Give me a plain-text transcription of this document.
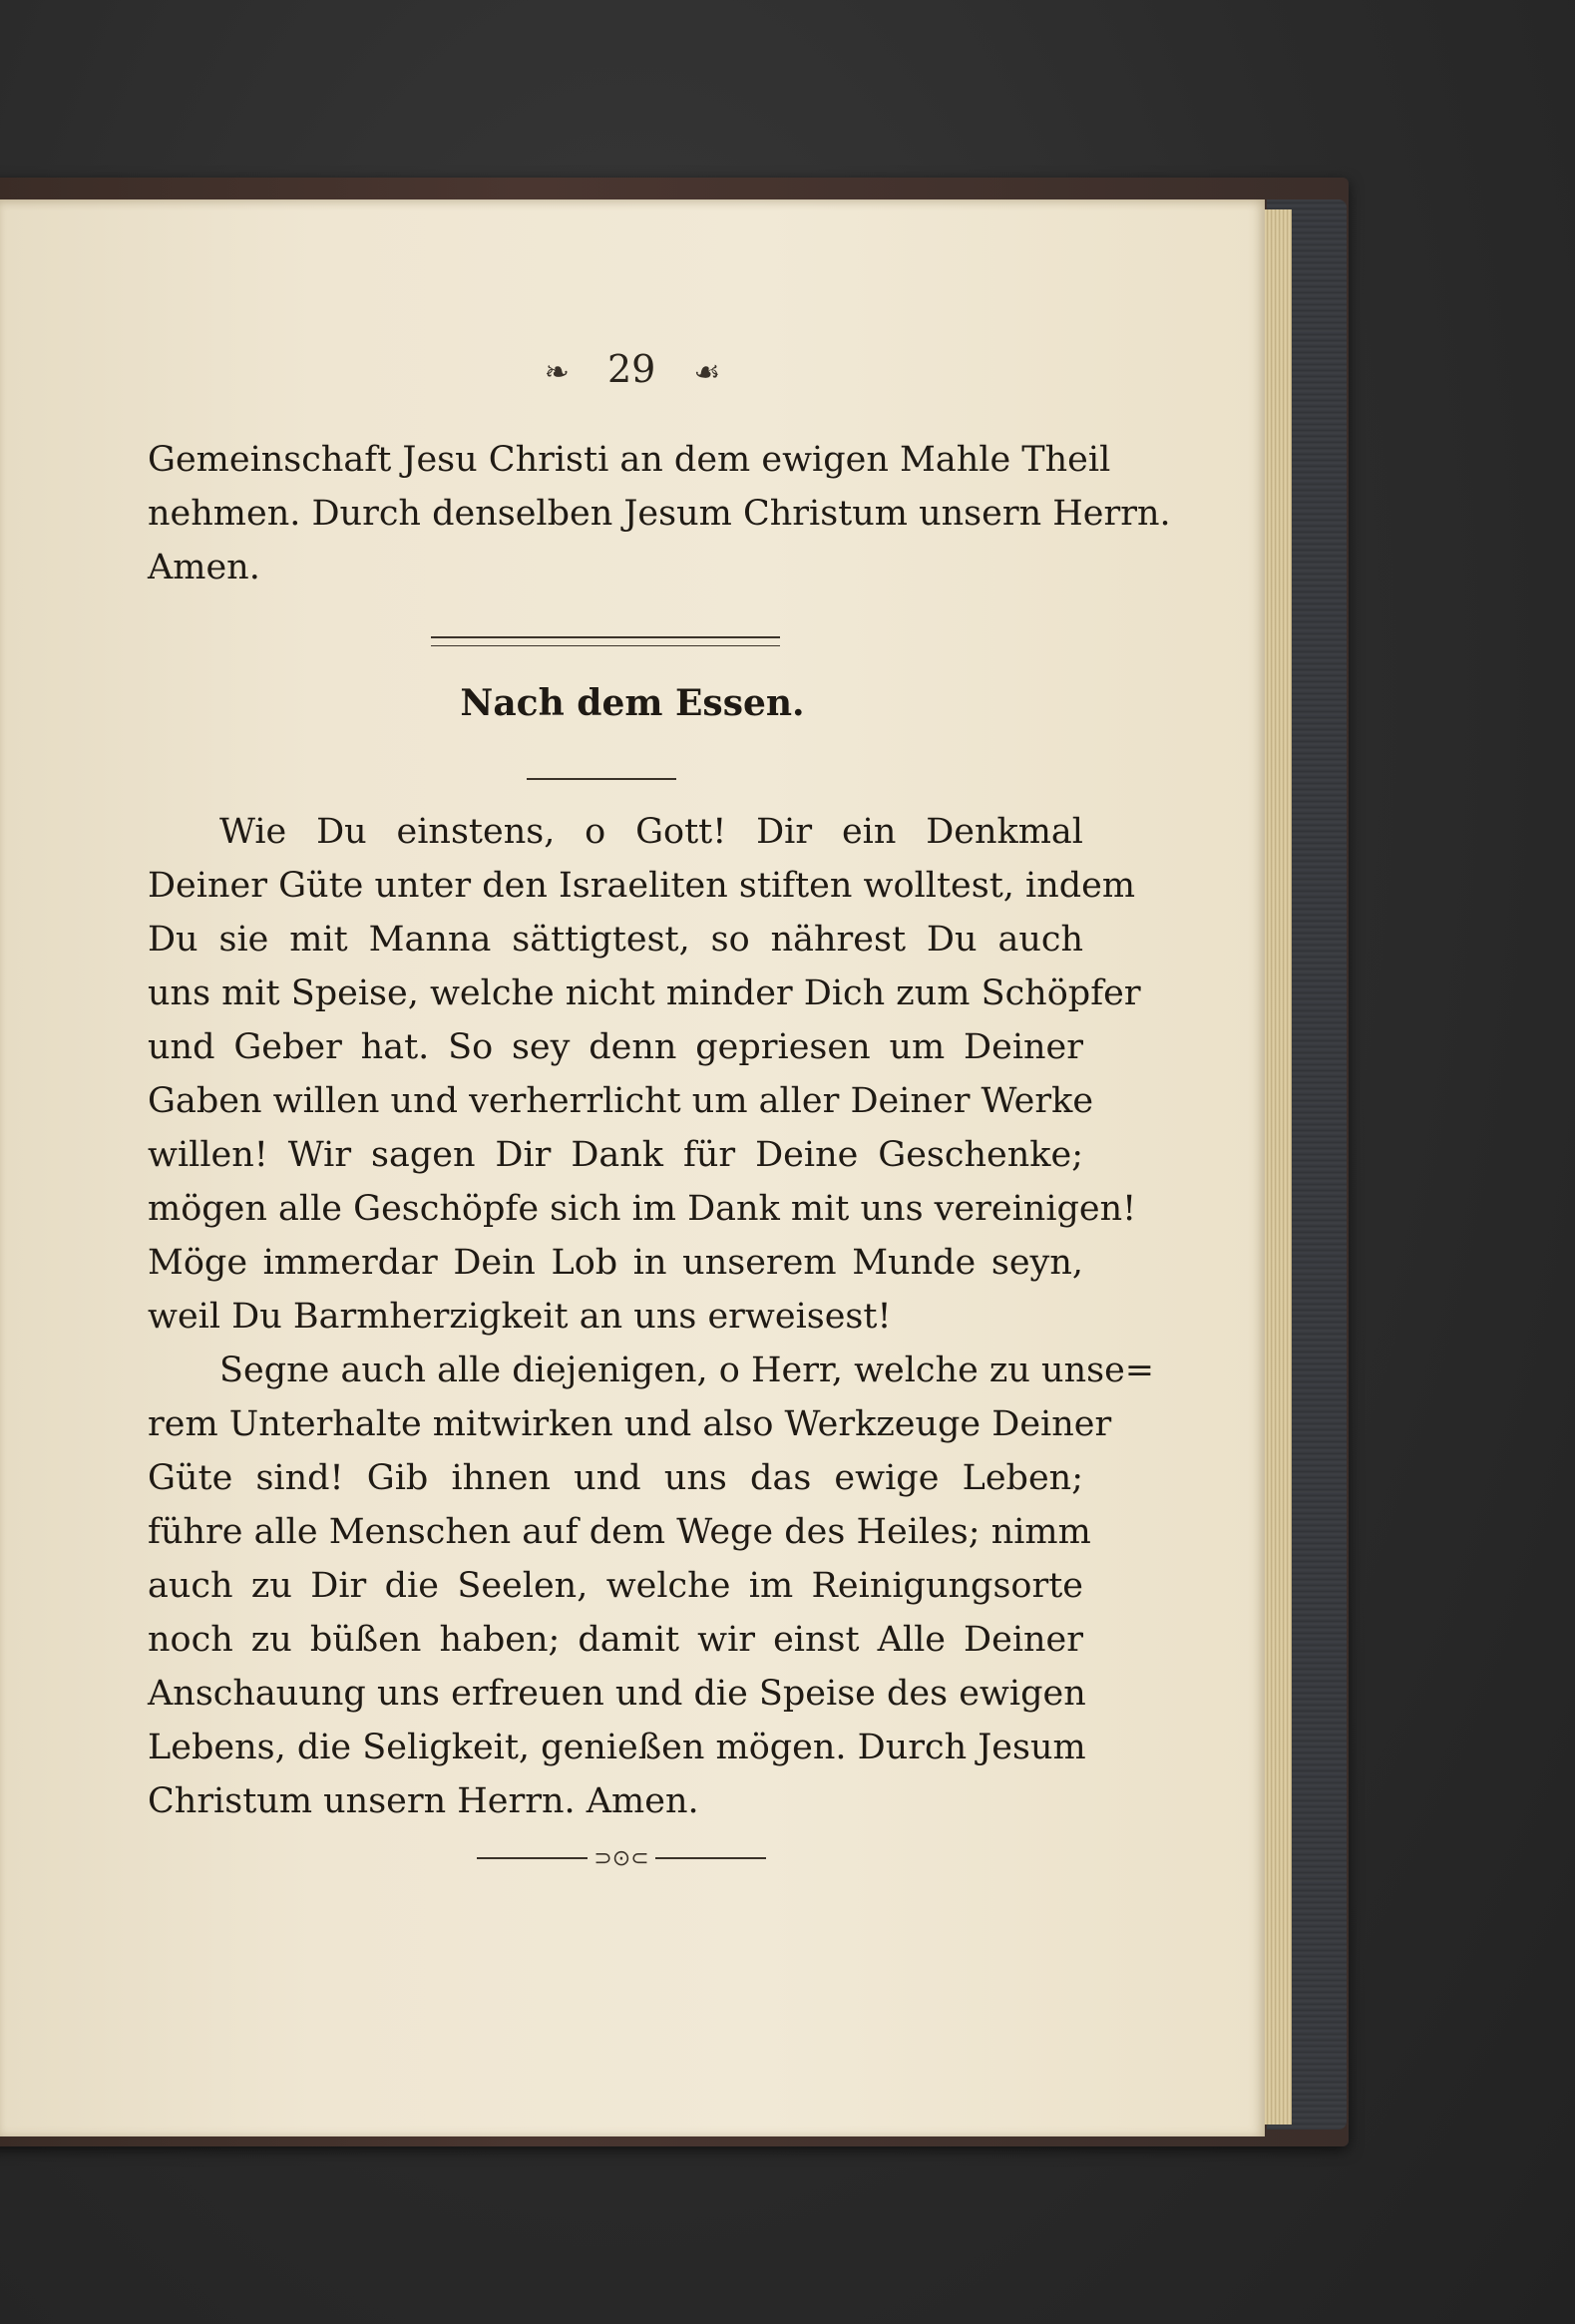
❧ 29 ☙
Gemeinschaft Jesu Christi an dem ewigen Mahle Theil
nehmen. Durch denselben Jesum Christum unsern Herrn.
Amen.
Nach dem Essen.
Wie Du einstens, o Gott! Dir ein Denkmal
Deiner Güte unter den Israeliten stiften wolltest, indem
Du sie mit Manna sättigtest, so nährest Du auch
uns mit Speise, welche nicht minder Dich zum Schöpfer
und Geber hat. So sey denn gepriesen um Deiner
Gaben willen und verherrlicht um aller Deiner Werke
willen! Wir sagen Dir Dank für Deine Geschenke;
mögen alle Geschöpfe sich im Dank mit uns vereinigen!
Möge immerdar Dein Lob in unserem Munde seyn,
weil Du Barmherzigkeit an uns erweisest!
Segne auch alle diejenigen, o Herr, welche zu unse=
rem Unterhalte mitwirken und also Werkzeuge Deiner
Güte sind! Gib ihnen und uns das ewige Leben;
führe alle Menschen auf dem Wege des Heiles; nimm
auch zu Dir die Seelen, welche im Reinigungsorte
noch zu büßen haben; damit wir einst Alle Deiner
Anschauung uns erfreuen und die Speise des ewigen
Lebens, die Seligkeit, genießen mögen. Durch Jesum
Christum unsern Herrn. Amen.
⊃⊙⊂
